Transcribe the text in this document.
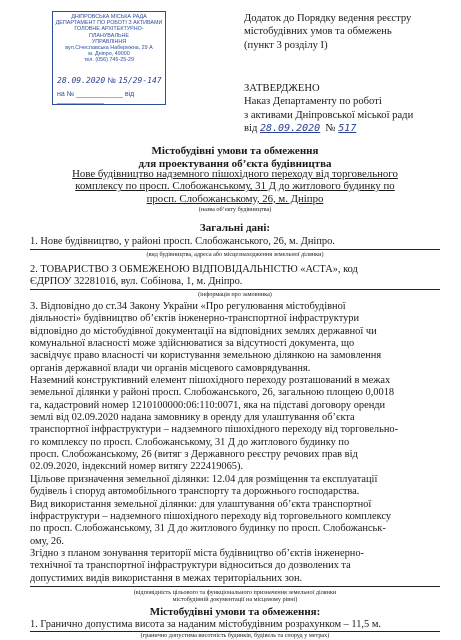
ДНІПРОВСЬКА МІСЬКА РАДА
ДЕПАРТАМЕНТ ПО РОБОТІ З АКТИВАМИ
ГОЛОВНЕ АРХІТЕКТУРНО-ПЛАНУВАЛЬНЕ
УПРАВЛІННЯ
вул.Січеславська Набережна, 29 А
м. Дніпро, 49000
тел. (056) 745-25-29
28.09.2020 № 15/29-147
на № ____________ від ____________
Додаток до Порядку ведення реєстру
містобудівних умов та обмежень
(пункт 3 розділу І)
ЗАТВЕРДЖЕНО
Наказ Департаменту по роботі
з активами Дніпровської міської ради
від 28.09.2020 № 517
Містобудівні умови та обмеження
для проектування об’єкта будівництва
Нове будівництво надземного пішохідного переходу від торговельного
комплексу по просп. Слобожанському, 31 Д до житлового будинку по
просп. Слобожанському, 26, м. Дніпро
(назва об’єкту будівництва)
Загальні дані:
1. Нове будівництво, у районі просп. Слобожанського, 26, м. Дніпро.
(вид будівництва, адреса або місцезнаходження земельної ділянки)
2. ТОВАРИСТВО З ОБМЕЖЕНОЮ ВІДПОВІДАЛЬНІСТЮ «АСТА», код
ЄДРПОУ 32281016, вул. Собінова, 1, м. Дніпро.
(інформація про замовника)
3. Відповідно до ст.34 Закону України «Про регулювання містобудівної
діяльності» будівництво об’єктів інженерно-транспортної інфраструктури
відповідно до містобудівної документації на відповідних землях державної чи
комунальної власності може здійснюватися за відсутності документа, що
засвідчує право власності чи користування земельною ділянкою на замовлення
органів державної влади чи органів місцевого самоврядування.
Наземний конструктивний елемент пішохідного переходу розташований в межах
земельної ділянки у районі просп. Слобожанського, 26, загальною площею 0,0018
га, кадастровий номер 1210100000:06:110:0071, яка на підставі договору оренди
землі від 02.09.2020 надана замовнику в оренду для улаштування об’єкта
транспортної інфраструктури – надземного пішохідного переходу від торговельно-
го комплексу по просп. Слобожанському, 31 Д до житлового будинку по
просп. Слобожанському, 26 (витяг з Державного реєстру речових прав від
02.09.2020, індексний номер витягу 222419065).
Цільове призначення земельної ділянки: 12.04 для розміщення та експлуатації
будівель і споруд автомобільного транспорту та дорожнього господарства.
Вид використання земельної ділянки: для улаштування об’єкта транспортної
інфраструктури – надземного пішохідного переходу від торговельного комплексу
по просп. Слобожанському, 31 Д до житлового будинку по просп. Слобожанськ-
ому, 26.
Згідно з планом зонування території міста будівництво об’єктів інженерно-
технічної та транспортної інфраструктури відноситься до дозволених та
допустимих видів використання в межах територіальних зон.
(відповідність цільового та функціонального призначення земельної ділянки
містобудівній документації на місцевому рівні)
Містобудівні умови та обмеження:
1. Гранично допустима висота за наданим містобудівним розрахунком – 11,5 м.
(гранично допустима висотність будинків, будівель та споруд у метрах)
